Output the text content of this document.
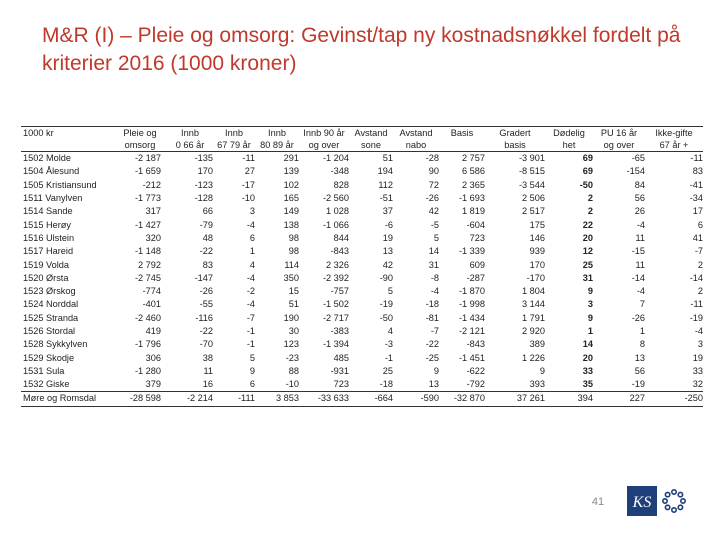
M&R (I) – Pleie og omsorg: Gevinst/tap ny kostnadsnøkkel fordelt på kriterier 2016 (1000 kroner)
1000 kr	Pleie og	Innb	Innb	Innb	Innb 90 år	Avstand	Avstand	Basis	Gradert	Dødelig	PU 16 år	Ikke-gifte
	omsorg	0 66 år	67 79 år	80 89 år	og over	sone	nabo		basis	het	og over	67 år +
1502 Molde	-2 187	-135	-11	291	-1 204	51	-28	2 757	-3 901	69	-65	-11
1504 Ålesund	-1 659	170	27	139	-348	194	90	6 586	-8 515	69	-154	83
1505 Kristiansund	-212	-123	-17	102	828	112	72	2 365	-3 544	-50	84	-41
1511 Vanylven	-1 773	-128	-10	165	-2 560	-51	-26	-1 693	2 506	2	56	-34
1514 Sande	317	66	3	149	1 028	37	42	1 819	2 517	2	26	17
1515 Herøy	-1 427	-79	-4	138	-1 066	-6	-5	-604	175	22	-4	6
1516 Ulstein	320	48	6	98	844	19	5	723	146	20	11	41
1517 Hareid	-1 148	-22	1	98	-843	13	14	-1 339	939	12	-15	-7
1519 Volda	2 792	83	4	114	2 326	42	31	609	170	25	11	2
1520 Ørsta	-2 745	-147	-4	350	-2 392	-90	-8	-287	-170	31	-14	-14
1523 Ørskog	-774	-26	-2	15	-757	5	-4	-1 870	1 804	9	-4	2
1524 Norddal	-401	-55	-4	51	-1 502	-19	-18	-1 998	3 144	3	7	-11
1525 Stranda	-2 460	-116	-7	190	-2 717	-50	-81	-1 434	1 791	9	-26	-19
1526 Stordal	419	-22	-1	30	-383	4	-7	-2 121	2 920	1	1	-4
1528 Sykkylven	-1 796	-70	-1	123	-1 394	-3	-22	-843	389	14	8	3
1529 Skodje	306	38	5	-23	485	-1	-25	-1 451	1 226	20	13	19
1531 Sula	-1 280	11	9	88	-931	25	9	-622	9	33	56	33
1532 Giske	379	16	6	-10	723	-18	13	-792	393	35	-19	32
Møre og Romsdal	-28 598	-2 214	-111	3 853	-33 633	-664	-590	-32 870	37 261	394	227	-250
41	KS
